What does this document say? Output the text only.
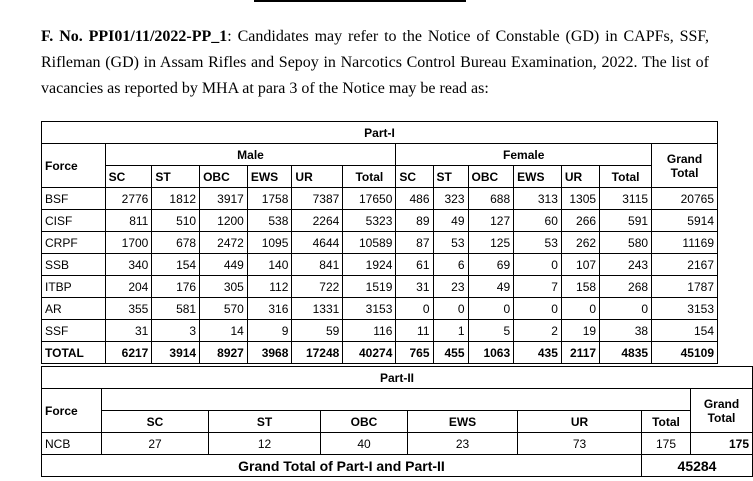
F. No. PPI01/11/2022-PP_1: Candidates may refer to the Notice of Constable (GD) in CAPFs, SSF, Rifleman (GD) in Assam Rifles and Sepoy in Narcotics Control Bureau Examination, 2022. The list of vacancies as reported by MHA at para 3 of the Notice may be read as:

Part-I													
Force	Male						Female						Grand Total
	SC	ST	OBC	EWS	UR	Total	SC	ST	OBC	EWS	UR	Total	
BSF	2776	1812	3917	1758	7387	17650	486	323	688	313	1305	3115	20765
CISF	811	510	1200	538	2264	5323	89	49	127	60	266	591	5914
CRPF	1700	678	2472	1095	4644	10589	87	53	125	53	262	580	11169
SSB	340	154	449	140	841	1924	61	6	69	0	107	243	2167
ITBP	204	176	305	112	722	1519	31	23	49	7	158	268	1787
AR	355	581	570	316	1331	3153	0	0	0	0	0	0	3153
SSF	31	3	14	9	59	116	11	1	5	2	19	38	154
TOTAL	6217	3914	8927	3968	17248	40274	765	455	1063	435	2117	4835	45109
Part-II							
Force							Grand Total
	SC	ST	OBC	EWS	UR	Total	
NCB	27	12	40	23	73	175	175
Grand Total of Part-I and Part-II						45284	
